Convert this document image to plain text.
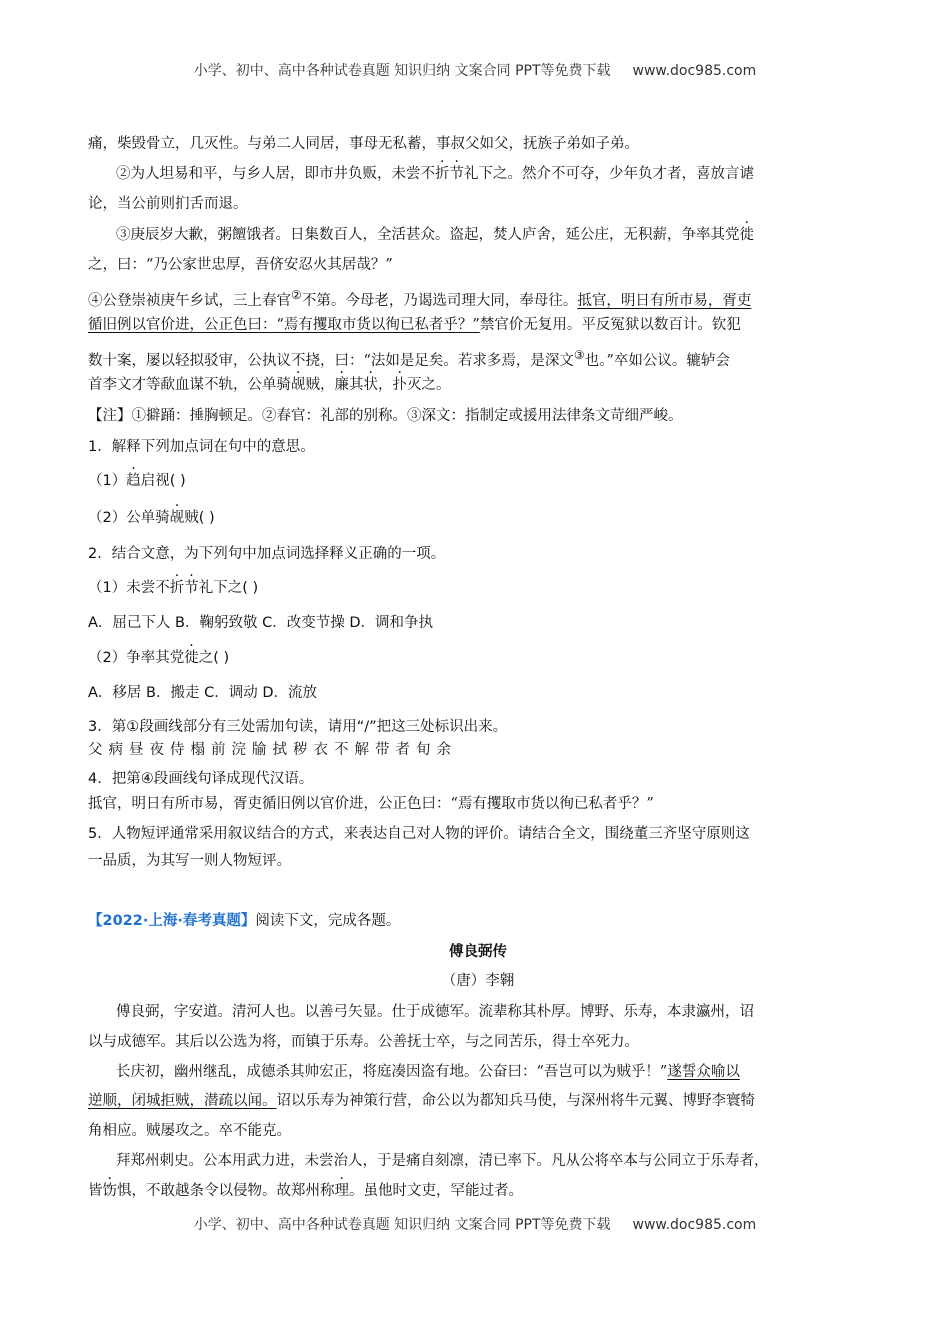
小学、初中、高中各种试卷真题 知识归纳 文案合同 PPT等免费下载 www.doc985.com
痛，柴毁骨立，几灭性。与弟二人同居，事母无私蓄，事叔父如父，抚族子弟如子弟。
②为人坦易和平，与乡人居，即市井负贩，未尝不折节礼下之。然介不可夺，少年负才者，喜放言谑
论，当公前则扪舌而退。
③庚辰岁大歉，粥饘饿者。日集数百人，全活甚众。盗起，焚人庐舍，延公庄，无积薪，争率其党徙
之，曰：“乃公家世忠厚，吾侪安忍火其居哉？”
④公登崇祯庚午乡试，三上春官②不第。今母老，乃谒选司理大同，奉母往。抵官，明日有所市易，胥吏
循旧例以官价进，公正色曰：“焉有攫取市货以徇已私者乎？”禁官价无复用。平反冤狱以数百计。钦犯
数十案，屡以轻拟驳审，公执议不挠，曰：“法如是足矣。若求多焉，是深文③也。”卒如公议。辘轳会
首李文才等歃血谋不轨，公单骑觇贼，廉其状，扑灭之。
【注】①擗踊：捶胸顿足。②春官：礼部的别称。③深文：指制定或援用法律条文苛细严峻。
1．解释下列加点词在句中的意思。
（1）趋启视( )
（2）公单骑觇贼( )
2．结合文意，为下列句中加点词选择释义正确的一项。
（1）未尝不折节礼下之( )
A．屈己下人 B．鞠躬致敬 C．改变节操 D．调和争执
（2）争率其党徙之( )
A．移居 B．搬走 C．调动 D．流放
3．第①段画线部分有三处需加句读，请用“/”把这三处标识出来。
父病昼夜侍榻前浣牏拭秽衣不解带者旬余
4．把第④段画线句译成现代汉语。
抵官，明日有所市易，胥吏循旧例以官价进，公正色曰：“焉有攫取市货以徇已私者乎？”
5．人物短评通常采用叙议结合的方式，来表达自己对人物的评价。请结合全文，围绕董三齐坚守原则这
一品质，为其写一则人物短评。
【2022·上海·春考真题】阅读下文，完成各题。
傅良弼传
（唐）李翱
傅良弼，字安道。清河人也。以善弓矢显。仕于成德军。流辈称其朴厚。博野、乐寿，本隶瀛州，诏
以与成德军。其后以公选为将，而镇于乐寿。公善抚士卒，与之同苦乐，得士卒死力。
长庆初，幽州继乱，成德杀其帅宏正，将庭凑因盗有地。公奋曰：“吾岂可以为贼乎！”遂誓众喻以
逆顺，闭城拒贼，潜疏以闻。诏以乐寿为神策行营，命公以为都知兵马使，与深州将牛元翼、博野李寰犄
角相应。贼屡攻之。卒不能克。
拜郑州刺史。公本用武力进，未尝治人，于是痛自刻凛，清已率下。凡从公将卒本与公同立于乐寿者，
皆饬惧，不敢越条令以侵物。故郑州称理。虽他时文吏，罕能过者。
小学、初中、高中各种试卷真题 知识归纳 文案合同 PPT等免费下载 www.doc985.com
